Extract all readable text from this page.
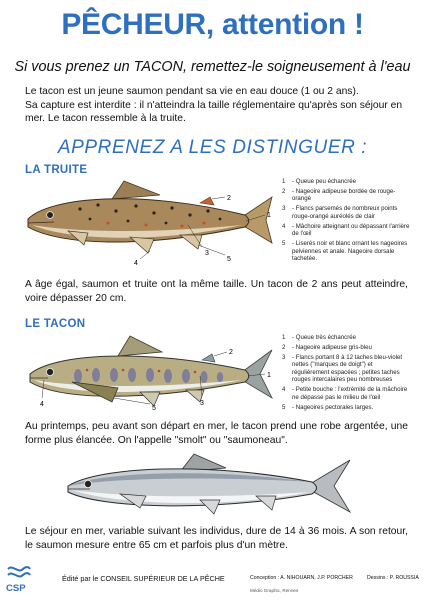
PÊCHEUR, attention !
Si vous prenez un TACON, remettez-le soigneusement à l'eau
Le tacon est un jeune saumon pendant sa vie en eau douce (1 ou 2 ans).
Sa capture est interdite : il n'atteindra la taille réglementaire qu'après son séjour en mer. Le tacon ressemble à la truite.
APPRENEZ A LES DISTINGUER :
LA TRUITE
2
1
3
5
4
1	- Queue peu échancrée
2	- Nageoire adipeuse bordée de rouge-orangé
3	- Flancs parsemés de nombreux points rouge-orangé auréolés de clair
4	- Mâchoire atteignant ou dépassant l'arrière de l'œil
5	- Liserés noir et blanc ornant les nageoires pelviennes et anale. Nageoire dorsale tachetée.
A âge égal, saumon et truite ont la même taille. Un tacon de 2 ans peut atteindre, voire dépasser 20 cm.
LE TACON
2
1
3
4
5
1	- Queue très échancrée
2	- Nageoire adipeuse gris-bleu
3	- Flancs portant 8 à 12 taches bleu-violet nettes ("marques de doigt") et régulièrement espacées ; petites taches rouges intercalaires peu nombreuses
4	- Petite bouche : l'extrémité de la mâchoire ne dépasse pas le milieu de l'œil
5	- Nageoires pectorales larges.
Au printemps, peu avant son départ en mer, le tacon prend une robe argentée, une forme plus élancée. On l'appelle "smolt" ou "saumoneau".
Le séjour en mer, variable suivant les individus, dure de 14 à 36 mois. A son retour, le saumon mesure entre 65 cm et parfois plus d'un mètre.
CSP
Édité par le CONSEIL SUPÉRIEUR DE LA PÊCHE	Conception : A. NIHOUARN, J.P. PORCHER	Dessins : P. ROUSSIA
Médio Graphic, Rennes
